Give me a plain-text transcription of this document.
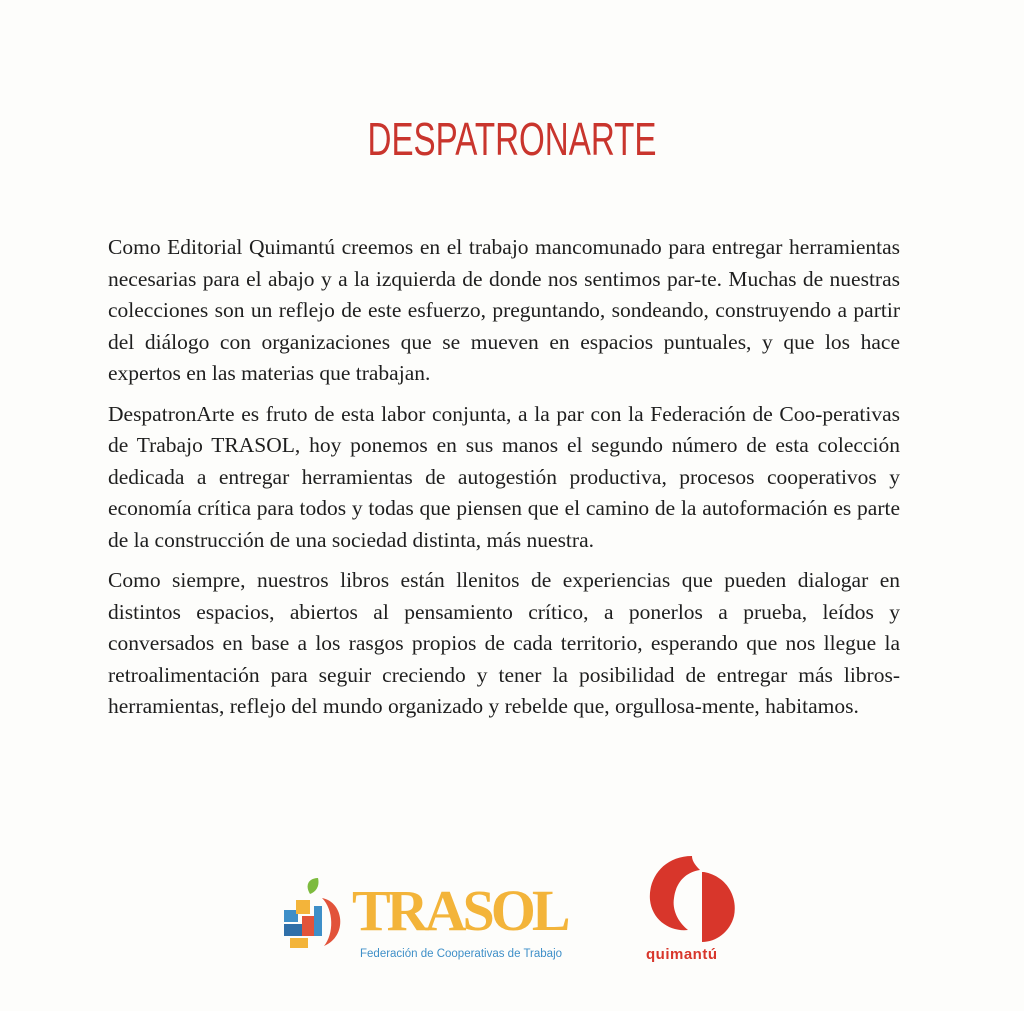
DESPATRONARTE

Como Editorial Quimantú creemos en el trabajo mancomunado para entregar herramientas necesarias para el abajo y a la izquierda de donde nos sentimos par-te. Muchas de nuestras colecciones son un reflejo de este esfuerzo, preguntando, sondeando, construyendo a partir del diálogo con organizaciones que se mueven en espacios puntuales, y que los hace expertos en las materias que trabajan.

DespatronArte es fruto de esta labor conjunta, a la par con la Federación de Coo-perativas de Trabajo TRASOL, hoy ponemos en sus manos el segundo número de esta colección dedicada a entregar herramientas de autogestión productiva, procesos cooperativos y economía crítica para todos y todas que piensen que el camino de la autoformación es parte de la construcción de una sociedad distinta, más nuestra.

Como siempre, nuestros libros están llenitos de experiencias que pueden dialogar en distintos espacios, abiertos al pensamiento crítico, a ponerlos a prueba, leídos y conversados en base a los rasgos propios de cada territorio, esperando que nos llegue la retroalimentación para seguir creciendo y tener la posibilidad de entregar más libros-herramientas, reflejo del mundo organizado y rebelde que, orgullosa-mente, habitamos.

TRASOL
Federación de Cooperativas de Trabajo	quimantú
